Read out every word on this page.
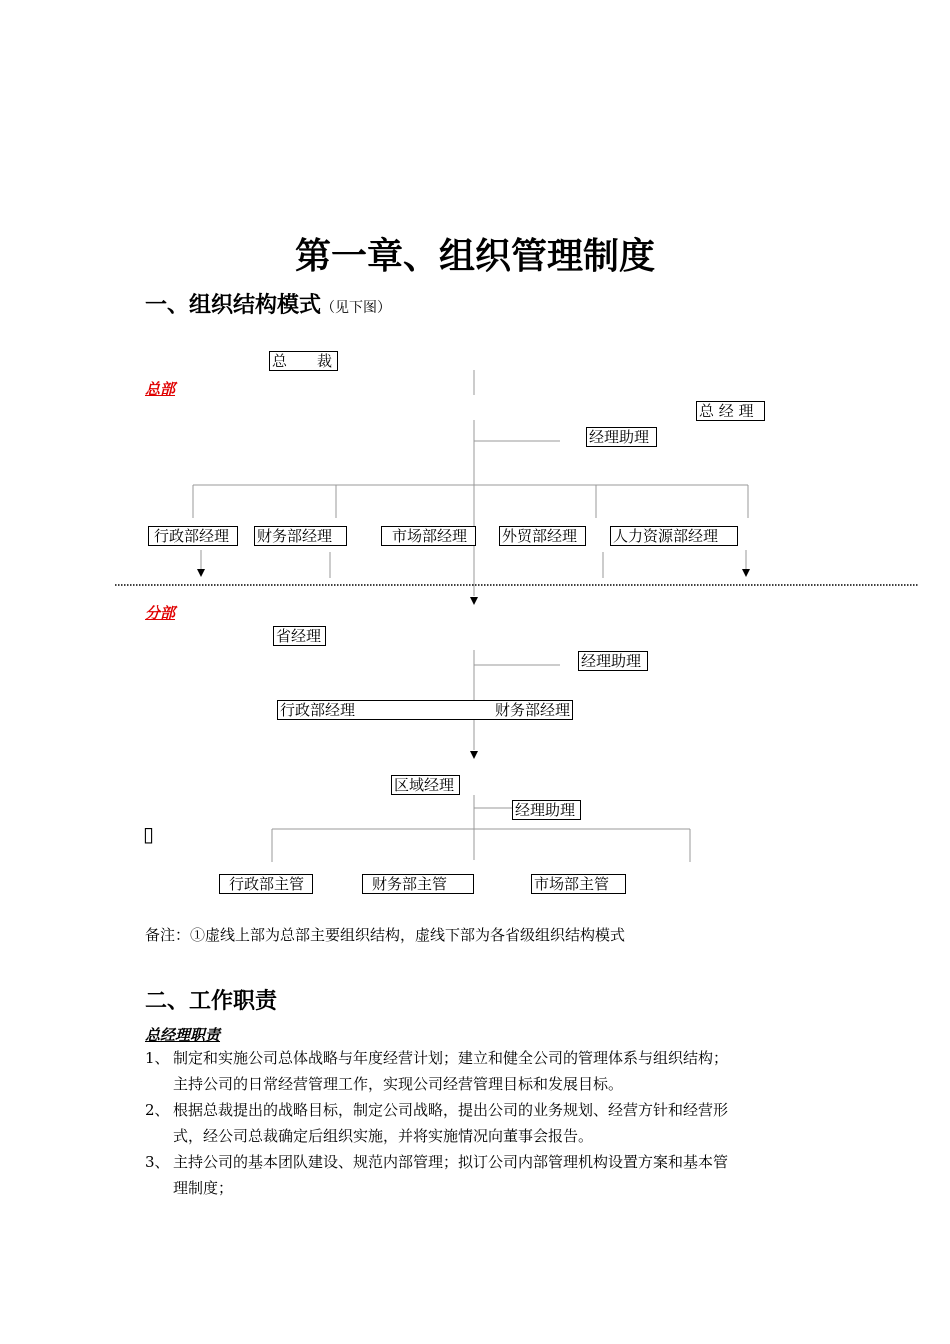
第一章、组织管理制度
一、组织结构模式（见下图）
总部
分部
总　　裁
总 经 理
经理助理
行政部经理	财务部经理	市场部经理	外贸部经理	人力资源部经理
省经理
经理助理
行政部经理	财务部经理
区域经理
经理助理
▯
行政部主管	财务部主管	市场部主管
备注：①虚线上部为总部主要组织结构，虚线下部为各省级组织结构模式
二、工作职责
总经理职责
1、 制定和实施公司总体战略与年度经营计划；建立和健全公司的管理体系与组织结构；
主持公司的日常经营管理工作，实现公司经营管理目标和发展目标。
2、 根据总裁提出的战略目标，制定公司战略，提出公司的业务规划、经营方针和经营形
式，经公司总裁确定后组织实施，并将实施情况向董事会报告。
3、 主持公司的基本团队建设、规范内部管理；拟订公司内部管理机构设置方案和基本管
理制度；
